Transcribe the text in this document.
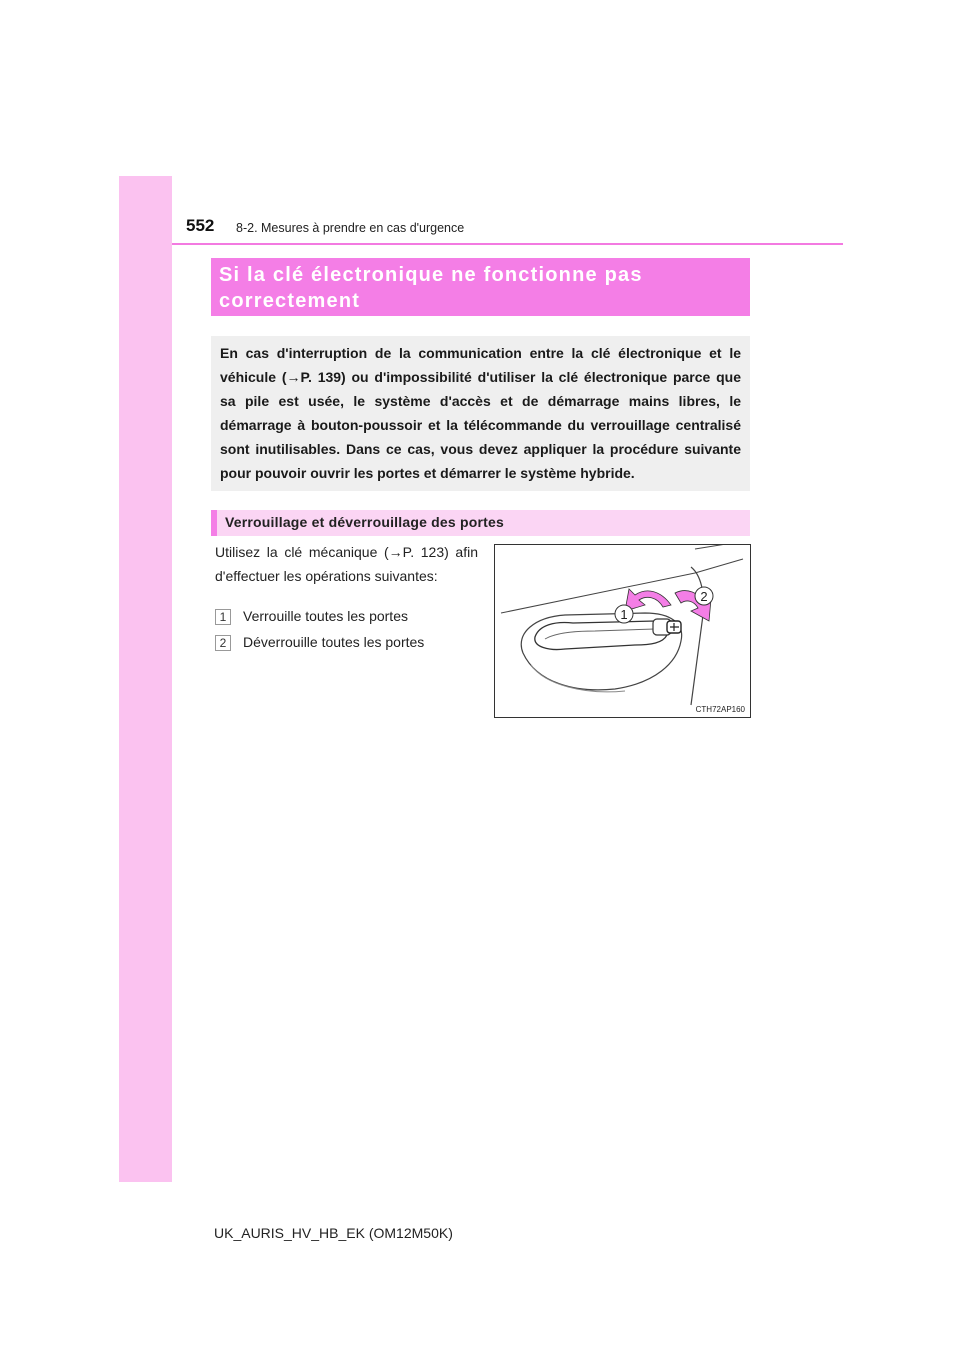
552 8-2. Mesures à prendre en cas d'urgence
Si la clé électronique ne fonctionne pas
correctement
En cas d'interruption de la communication entre la clé électronique et le véhicule (→P. 139) ou d'impossibilité d'utiliser la clé électronique parce que sa pile est usée, le système d'accès et de démarrage mains libres, le démarrage à bouton-poussoir et la télécommande du verrouillage centralisé sont inutilisables. Dans ce cas, vous devez appliquer la procédure suivante pour pouvoir ouvrir les portes et démarrer le système hybride.
Verrouillage et déverrouillage des portes
Utilisez la clé mécanique (→P. 123) afin d'effectuer les opérations suivantes:
1	Verrouille toutes les portes
2	Déverrouille toutes les portes
1
2
CTH72AP160
UK_AURIS_HV_HB_EK (OM12M50K)
